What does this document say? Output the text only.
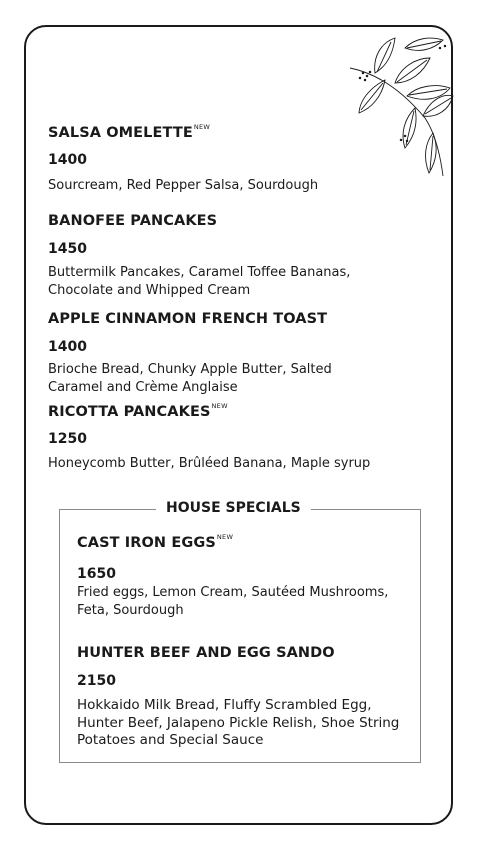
SALSA $OMELETTE^{NEW}$
1400
Sourcream, Red Pepper Salsa, Sourdough
BANOFEE PANCAKES
1450
Buttermilk Pancakes, Caramel Toffee Bananas,
Chocolate and Whipped Cream
APPLE CINNAMON FRENCH TOAST
1400
Brioche Bread, Chunky Apple Butter, Salted
Caramel and Crème Anglaise
RICOTTA $PANCAKES^{NEW}$
1250
Honeycomb Butter, Brûléed Banana, Maple syrup
HOUSE SPECIALS
CAST IRON $EGGS^{NEW}$
1650
Fried eggs, Lemon Cream, Sautéed Mushrooms,
Feta, Sourdough
HUNTER BEEF AND EGG SANDO
2150
Hokkaido Milk Bread, Fluffy Scrambled Egg,
Hunter Beef, Jalapeno Pickle Relish, Shoe String
Potatoes and Special Sauce
